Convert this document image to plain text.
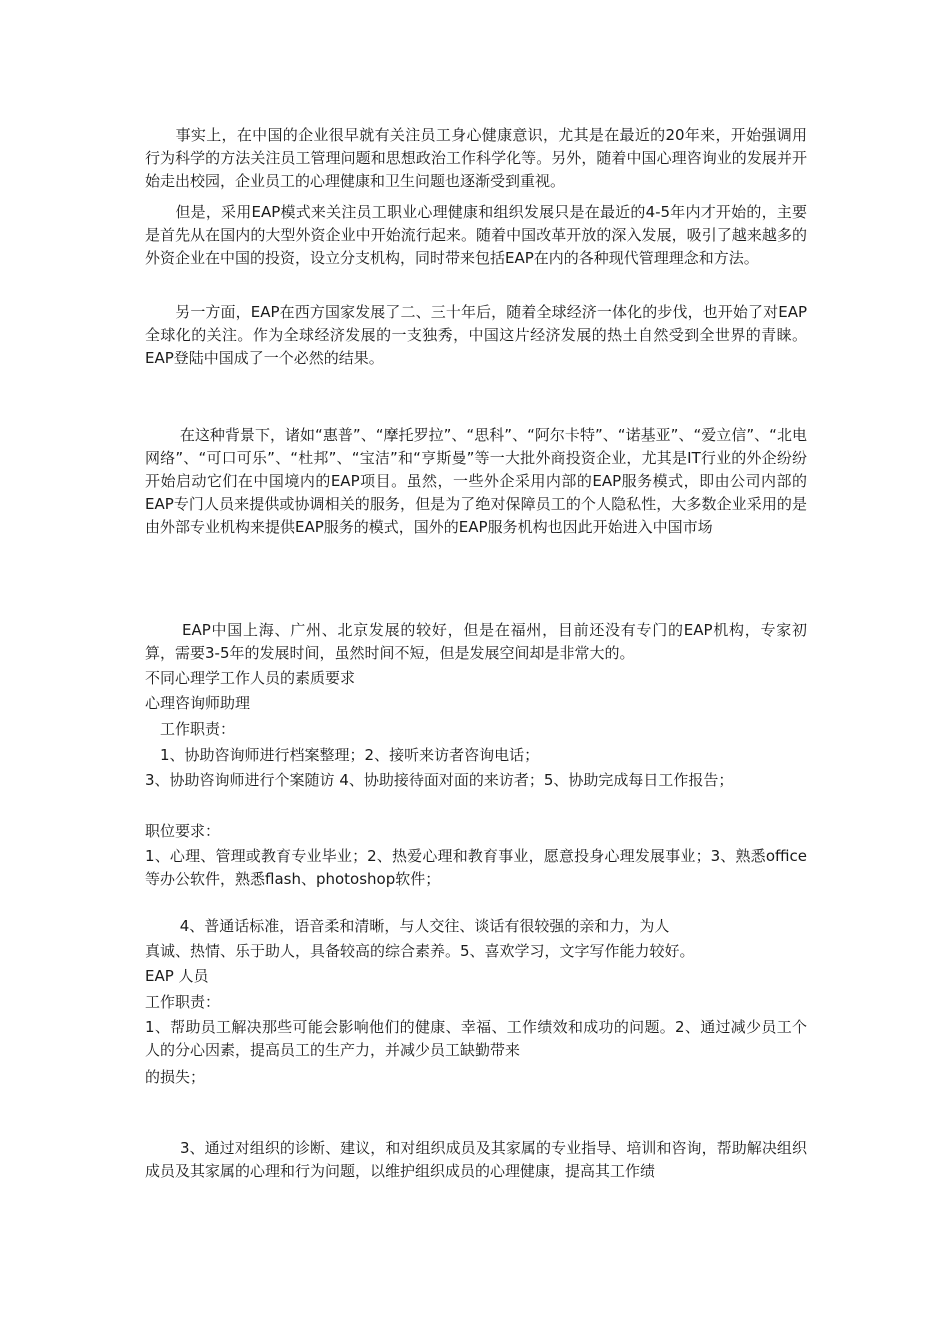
　　事实上，在中国的企业很早就有关注员工身心健康意识，尤其是在最近的20年来，开始强调用行为科学的方法关注员工管理问题和思想政治工作科学化等。另外，随着中国心理咨询业的发展并开始走出校园，企业员工的心理健康和卫生问题也逐渐受到重视。

　　但是，采用EAP模式来关注员工职业心理健康和组织发展只是在最近的4-5年内才开始的，主要是首先从在国内的大型外资企业中开始流行起来。随着中国改革开放的深入发展，吸引了越来越多的外资企业在中国的投资，设立分支机构，同时带来包括EAP在内的各种现代管理理念和方法。

　　另一方面，EAP在西方国家发展了二、三十年后，随着全球经济一体化的步伐，也开始了对EAP全球化的关注。作为全球经济发展的一支独秀，中国这片经济发展的热土自然受到全世界的青睐。EAP登陆中国成了一个必然的结果。

　　 在这种背景下，诸如“惠普”、“摩托罗拉”、“思科”、“阿尔卡特”、“诺基亚”、“爱立信”、“北电网络”、“可口可乐”、“杜邦”、“宝洁”和“亨斯曼”等一大批外商投资企业，尤其是IT行业的外企纷纷开始启动它们在中国境内的EAP项目。虽然，一些外企采用内部的EAP服务模式，即由公司内部的EAP专门人员来提供或协调相关的服务，但是为了绝对保障员工的个人隐私性，大多数企业采用的是由外部专业机构来提供EAP服务的模式，国外的EAP服务机构也因此开始进入中国市场

　　 EAP中国上海、广州、北京发展的较好，但是在福州，目前还没有专门的EAP机构，专家初算，需要3-5年的发展时间，虽然时间不短，但是发展空间却是非常大的。

不同心理学工作人员的素质要求

心理咨询师助理

　工作职责：

　1、协助咨询师进行档案整理；2、接听来访者咨询电话；

3、协助咨询师进行个案随访 4、协助接待面对面的来访者；5、协助完成每日工作报告；

职位要求：

1、心理、管理或教育专业毕业；2、热爱心理和教育事业，愿意投身心理发展事业；3、熟悉office等办公软件，熟悉flash、photoshop软件；

　　 4、普通话标准，语音柔和清晰，与人交往、谈话有很较强的亲和力，为人

真诚、热情、乐于助人，具备较高的综合素养。5、喜欢学习，文字写作能力较好。

EAP 人员

工作职责：

1、帮助员工解决那些可能会影响他们的健康、幸福、工作绩效和成功的问题。2、通过减少员工个人的分心因素，提高员工的生产力，并减少员工缺勤带来

的损失；

　　 3、通过对组织的诊断、建议，和对组织成员及其家属的专业指导、培训和咨询，帮助解决组织成员及其家属的心理和行为问题，以维护组织成员的心理健康，提高其工作绩
